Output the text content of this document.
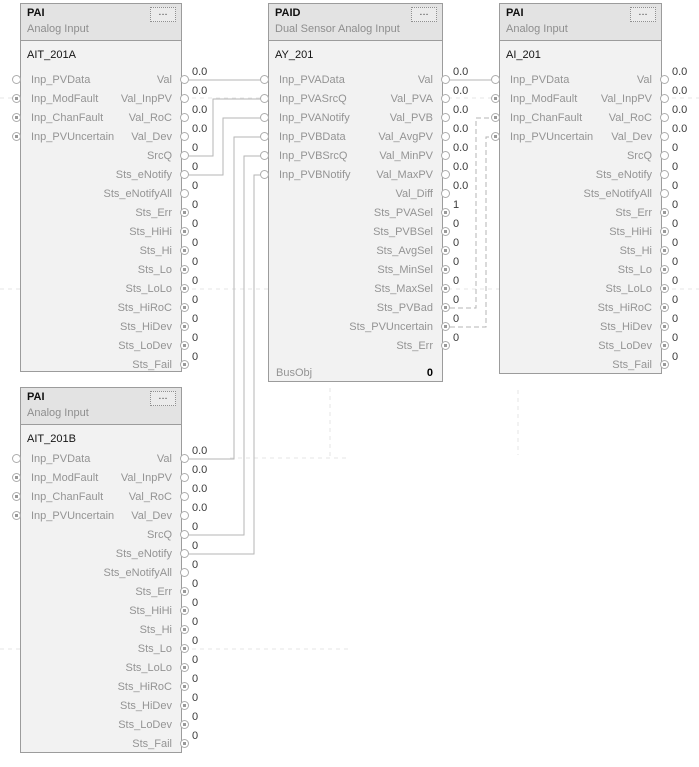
PAI
Analog Input
...
AIT_201A
Inp_PVData
Inp_ModFault
Inp_ChanFault
Inp_PVUncertain
Val
Val_InpPV
Val_RoC
Val_Dev
SrcQ
Sts_eNotify
Sts_eNotifyAll
Sts_Err
Sts_HiHi
Sts_Hi
Sts_Lo
Sts_LoLo
Sts_HiRoC
Sts_HiDev
Sts_LoDev
Sts_Fail
0.0
0.0
0.0
0.0
0
0
0
0
0
0
0
0
0
0
0
0
PAID
Dual Sensor Analog Input
...
AY_201
Inp_PVAData
Inp_PVASrcQ
Inp_PVANotify
Inp_PVBData
Inp_PVBSrcQ
Inp_PVBNotify
Val
Val_PVA
Val_PVB
Val_AvgPV
Val_MinPV
Val_MaxPV
Val_Diff
Sts_PVASel
Sts_PVBSel
Sts_AvgSel
Sts_MinSel
Sts_MaxSel
Sts_PVBad
Sts_PVUncertain
Sts_Err
BusObj	0
0.0
0.0
0.0
0.0
0.0
0.0
0.0
1
0
0
0
0
0
0
0
PAI
Analog Input
...
AI_201
Inp_PVData
Inp_ModFault
Inp_ChanFault
Inp_PVUncertain
Val
Val_InpPV
Val_RoC
Val_Dev
SrcQ
Sts_eNotify
Sts_eNotifyAll
Sts_Err
Sts_HiHi
Sts_Hi
Sts_Lo
Sts_LoLo
Sts_HiRoC
Sts_HiDev
Sts_LoDev
Sts_Fail
0.0
0.0
0.0
0.0
0
0
0
0
0
0
0
0
0
0
0
0
PAI
Analog Input
...
AIT_201B
Inp_PVData
Inp_ModFault
Inp_ChanFault
Inp_PVUncertain
Val
Val_InpPV
Val_RoC
Val_Dev
SrcQ
Sts_eNotify
Sts_eNotifyAll
Sts_Err
Sts_HiHi
Sts_Hi
Sts_Lo
Sts_LoLo
Sts_HiRoC
Sts_HiDev
Sts_LoDev
Sts_Fail
0.0
0.0
0.0
0.0
0
0
0
0
0
0
0
0
0
0
0
0
